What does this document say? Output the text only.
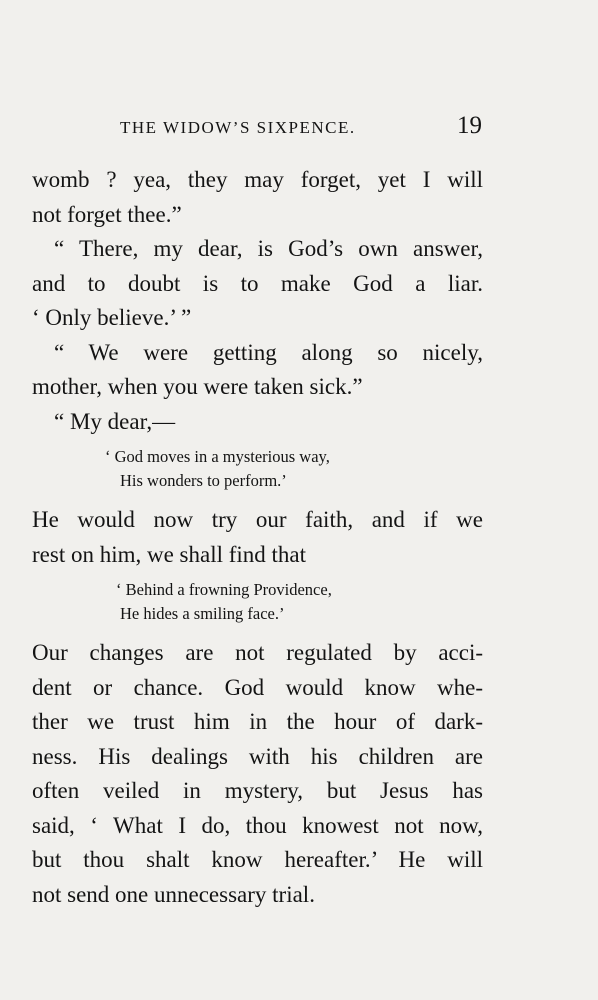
THE WIDOW’S SIXPENCE.	19
womb ? yea, they may forget, yet I will
not forget thee.”
“ There, my dear, is God’s own answer,
and to doubt is to make God a liar.
‘ Only believe.’ ”
“ We were getting along so nicely,
mother, when you were taken sick.”
“ My dear,—
‘ God moves in a mysterious way,
His wonders to perform.’
He would now try our faith, and if we
rest on him, we shall find that
‘ Behind a frowning Providence,
He hides a smiling face.’
Our changes are not regulated by acci-
dent or chance. God would know whe-
ther we trust him in the hour of dark-
ness. His dealings with his children are
often veiled in mystery, but Jesus has
said, ‘ What I do, thou knowest not now,
but thou shalt know hereafter.’ He will
not send one unnecessary trial.
